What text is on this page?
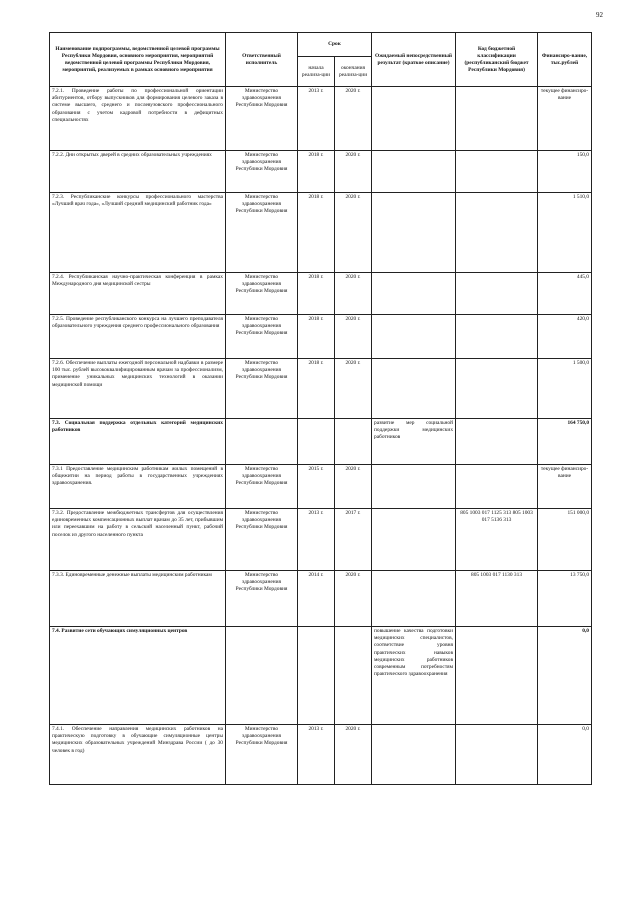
92
Наименование подпрограммы, ведомственной целевой программы Республики Мордовия, основного мероприятия, мероприятий ведомственной целевой программы Республики Мордовия, мероприятий, реализуемых в рамках основного мероприятия	Ответственный исполнитель	Срок		Ожидаемый непосредственный результат (краткое описание)	Код бюджетной классификации (республиканский бюджет Республики Мордовия)	Финансиро-вание, тыс.рублей
		начала реализа-ции	окончания реализа-ции			
7.2.1. Проведение работы по профессиональной ориентации абитуриентов, отбору выпускников для формирования целевого заказа в системе высшего, среднего и послевузовского профессионального образования с учетом кадровой потребности в дефицитных специальностях	Министерство здравоохранения Республики Мордовия	2013 г.	2020 г.			текущее финансиро-вание
7.2.2. Дни открытых дверей в средних образовательных учреждениях	Министерство здравоохранения Республики Мордовия	2018 г.	2020 г.			150,0
7.2.3. Республиканские конкурсы профессионального мастерства «Лучший врач года», «Лучший средний медицинский работник года»	Министерство здравоохранения Республики Мордовия	2018 г.	2020 г.			1 510,0
7.2.4. Республиканская научно-практическая конференция в рамках Международного дня медицинской сестры	Министерство здравоохранения Республики Мордовия	2018 г.	2020 г.			445,0
7.2.5. Проведение республиканского конкурса на лучшего преподавателя образовательного учреждения среднего профессионального образования	Министерство здравоохранения Республики Мордовия	2018 г.	2020 г.			420,0
7.2.6. Обеспечение выплаты ежегодной персональной надбавки в размере 100 тыс. рублей высококвалифицированным врачам за профессионализм, применение уникальных медицинских технологий в оказании медицинской помощи	Министерство здравоохранения Республики Мордовия	2018 г.	2020 г.			1 500,0
7.3. Социальная поддержка отдельных категорий медицинских работников				развитие мер социальной поддержки медицинских работников		164 750,0
7.3.1 Предоставление медицинским работникам жилых помещений в общежитии на период работы в государственных учреждениях здравоохранения.	Министерство здравоохранения Республики Мордовия	2015 г.	2020 г.			текущее финансиро-вание
7.3.2. Предоставление межбюджетных трансфертов для осуществления единовременных компенсационных выплат врачам до 35 лет, прибывшим или переехавшим на работу в сельский населенный пункт, рабочий поселок из другого населенного пункта	Министерство здравоохранения Республики Мордовия	2013 г.	2017 г.		805 1003 017 1125 313 805 1003 017 5136 313	151 000,0
7.3.3. Единовременные денежные выплаты медицинским работникам	Министерство здравоохранения Республики Мордовия	2014 г.	2020 г.		805 1003 017 1130 313	13 750,0
7.4. Развитие сети обучающих симуляционных центров				повышение качества подготовки медицинских специалистов, соответствие уровня практических навыков медицинских работников современным потребностям практического здравоохранения		0,0
7.4.1. Обеспечение направления медицинских работников на практическую подготовку в обучающие симуляционные центры медицинских образовательных учреждений Минздрава России ( до 30 человек в год)	Министерство здравоохранения Республики Мордовия	2013 г.	2020 г.			0,0
